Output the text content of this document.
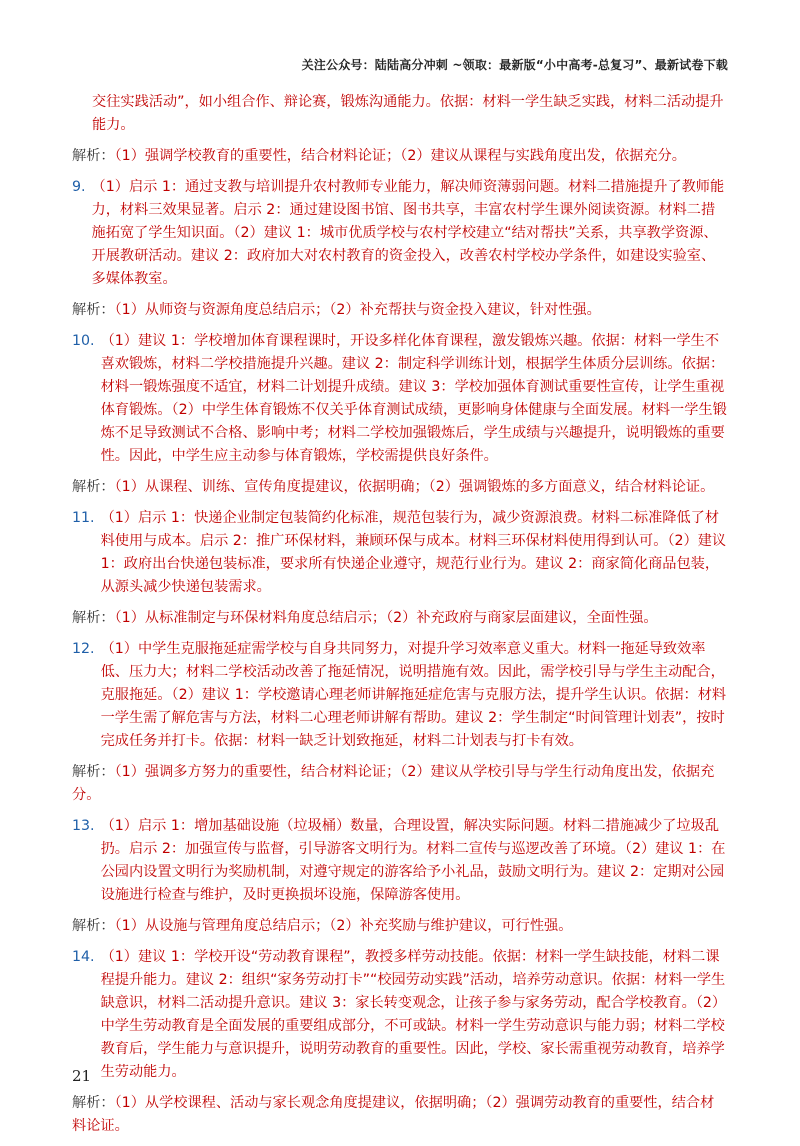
关注公众号：陆陆高分冲刺 ~领取：最新版“小中高考-总复习”、最新试卷下载

交往实践活动”，如小组合作、辩论赛，锻炼沟通能力。依据：材料一学生缺乏实践，材料二活动提升能力。

解析：（1）强调学校教育的重要性，结合材料论证；（2）建议从课程与实践角度出发，依据充分。

9. （1）启示 1：通过支教与培训提升农村教师专业能力，解决师资薄弱问题。材料二措施提升了教师能力，材料三效果显著。启示 2：通过建设图书馆、图书共享，丰富农村学生课外阅读资源。材料二措施拓宽了学生知识面。（2）建议 1：城市优质学校与农村学校建立“结对帮扶”关系，共享教学资源、开展教研活动。建议 2：政府加大对农村教育的资金投入，改善农村学校办学条件，如建设实验室、多媒体教室。

解析：（1）从师资与资源角度总结启示；（2）补充帮扶与资金投入建议，针对性强。

10. （1）建议 1：学校增加体育课程课时，开设多样化体育课程，激发锻炼兴趣。依据：材料一学生不喜欢锻炼，材料二学校措施提升兴趣。建议 2：制定科学训练计划，根据学生体质分层训练。依据：材料一锻炼强度不适宜，材料二计划提升成绩。建议 3：学校加强体育测试重要性宣传，让学生重视体育锻炼。（2）中学生体育锻炼不仅关乎体育测试成绩，更影响身体健康与全面发展。材料一学生锻炼不足导致测试不合格、影响中考；材料二学校加强锻炼后，学生成绩与兴趣提升，说明锻炼的重要性。因此，中学生应主动参与体育锻炼，学校需提供良好条件。

解析：（1）从课程、训练、宣传角度提建议，依据明确；（2）强调锻炼的多方面意义，结合材料论证。

11. （1）启示 1：快递企业制定包装简约化标准，规范包装行为，减少资源浪费。材料二标准降低了材料使用与成本。启示 2：推广环保材料，兼顾环保与成本。材料三环保材料使用得到认可。（2）建议 1：政府出台快递包装标准，要求所有快递企业遵守，规范行业行为。建议 2：商家简化商品包装，从源头减少快递包装需求。

解析：（1）从标准制定与环保材料角度总结启示；（2）补充政府与商家层面建议，全面性强。

12. （1）中学生克服拖延症需学校与自身共同努力，对提升学习效率意义重大。材料一拖延导致效率低、压力大；材料二学校活动改善了拖延情况，说明措施有效。因此，需学校引导与学生主动配合，克服拖延。（2）建议 1：学校邀请心理老师讲解拖延症危害与克服方法，提升学生认识。依据：材料一学生需了解危害与方法，材料二心理老师讲解有帮助。建议 2：学生制定“时间管理计划表”，按时完成任务并打卡。依据：材料一缺乏计划致拖延，材料二计划表与打卡有效。

解析：（1）强调多方努力的重要性，结合材料论证；（2）建议从学校引导与学生行动角度出发，依据充分。

13. （1）启示 1：增加基础设施（垃圾桶）数量，合理设置，解决实际问题。材料二措施减少了垃圾乱扔。启示 2：加强宣传与监督，引导游客文明行为。材料二宣传与巡逻改善了环境。（2）建议 1：在公园内设置文明行为奖励机制，对遵守规定的游客给予小礼品，鼓励文明行为。建议 2：定期对公园设施进行检查与维护，及时更换损坏设施，保障游客使用。

解析：（1）从设施与管理角度总结启示；（2）补充奖励与维护建议，可行性强。

14. （1）建议 1：学校开设“劳动教育课程”，教授多样劳动技能。依据：材料一学生缺技能，材料二课程提升能力。建议 2：组织“家务劳动打卡”“校园劳动实践”活动，培养劳动意识。依据：材料一学生缺意识，材料二活动提升意识。建议 3：家长转变观念，让孩子参与家务劳动，配合学校教育。（2）中学生劳动教育是全面发展的重要组成部分，不可或缺。材料一学生劳动意识与能力弱；材料二学校教育后，学生能力与意识提升，说明劳动教育的重要性。因此，学校、家长需重视劳动教育，培养学生劳动能力。

解析：（1）从学校课程、活动与家长观念角度提建议，依据明确；（2）强调劳动教育的重要性，结合材料论证。

21
